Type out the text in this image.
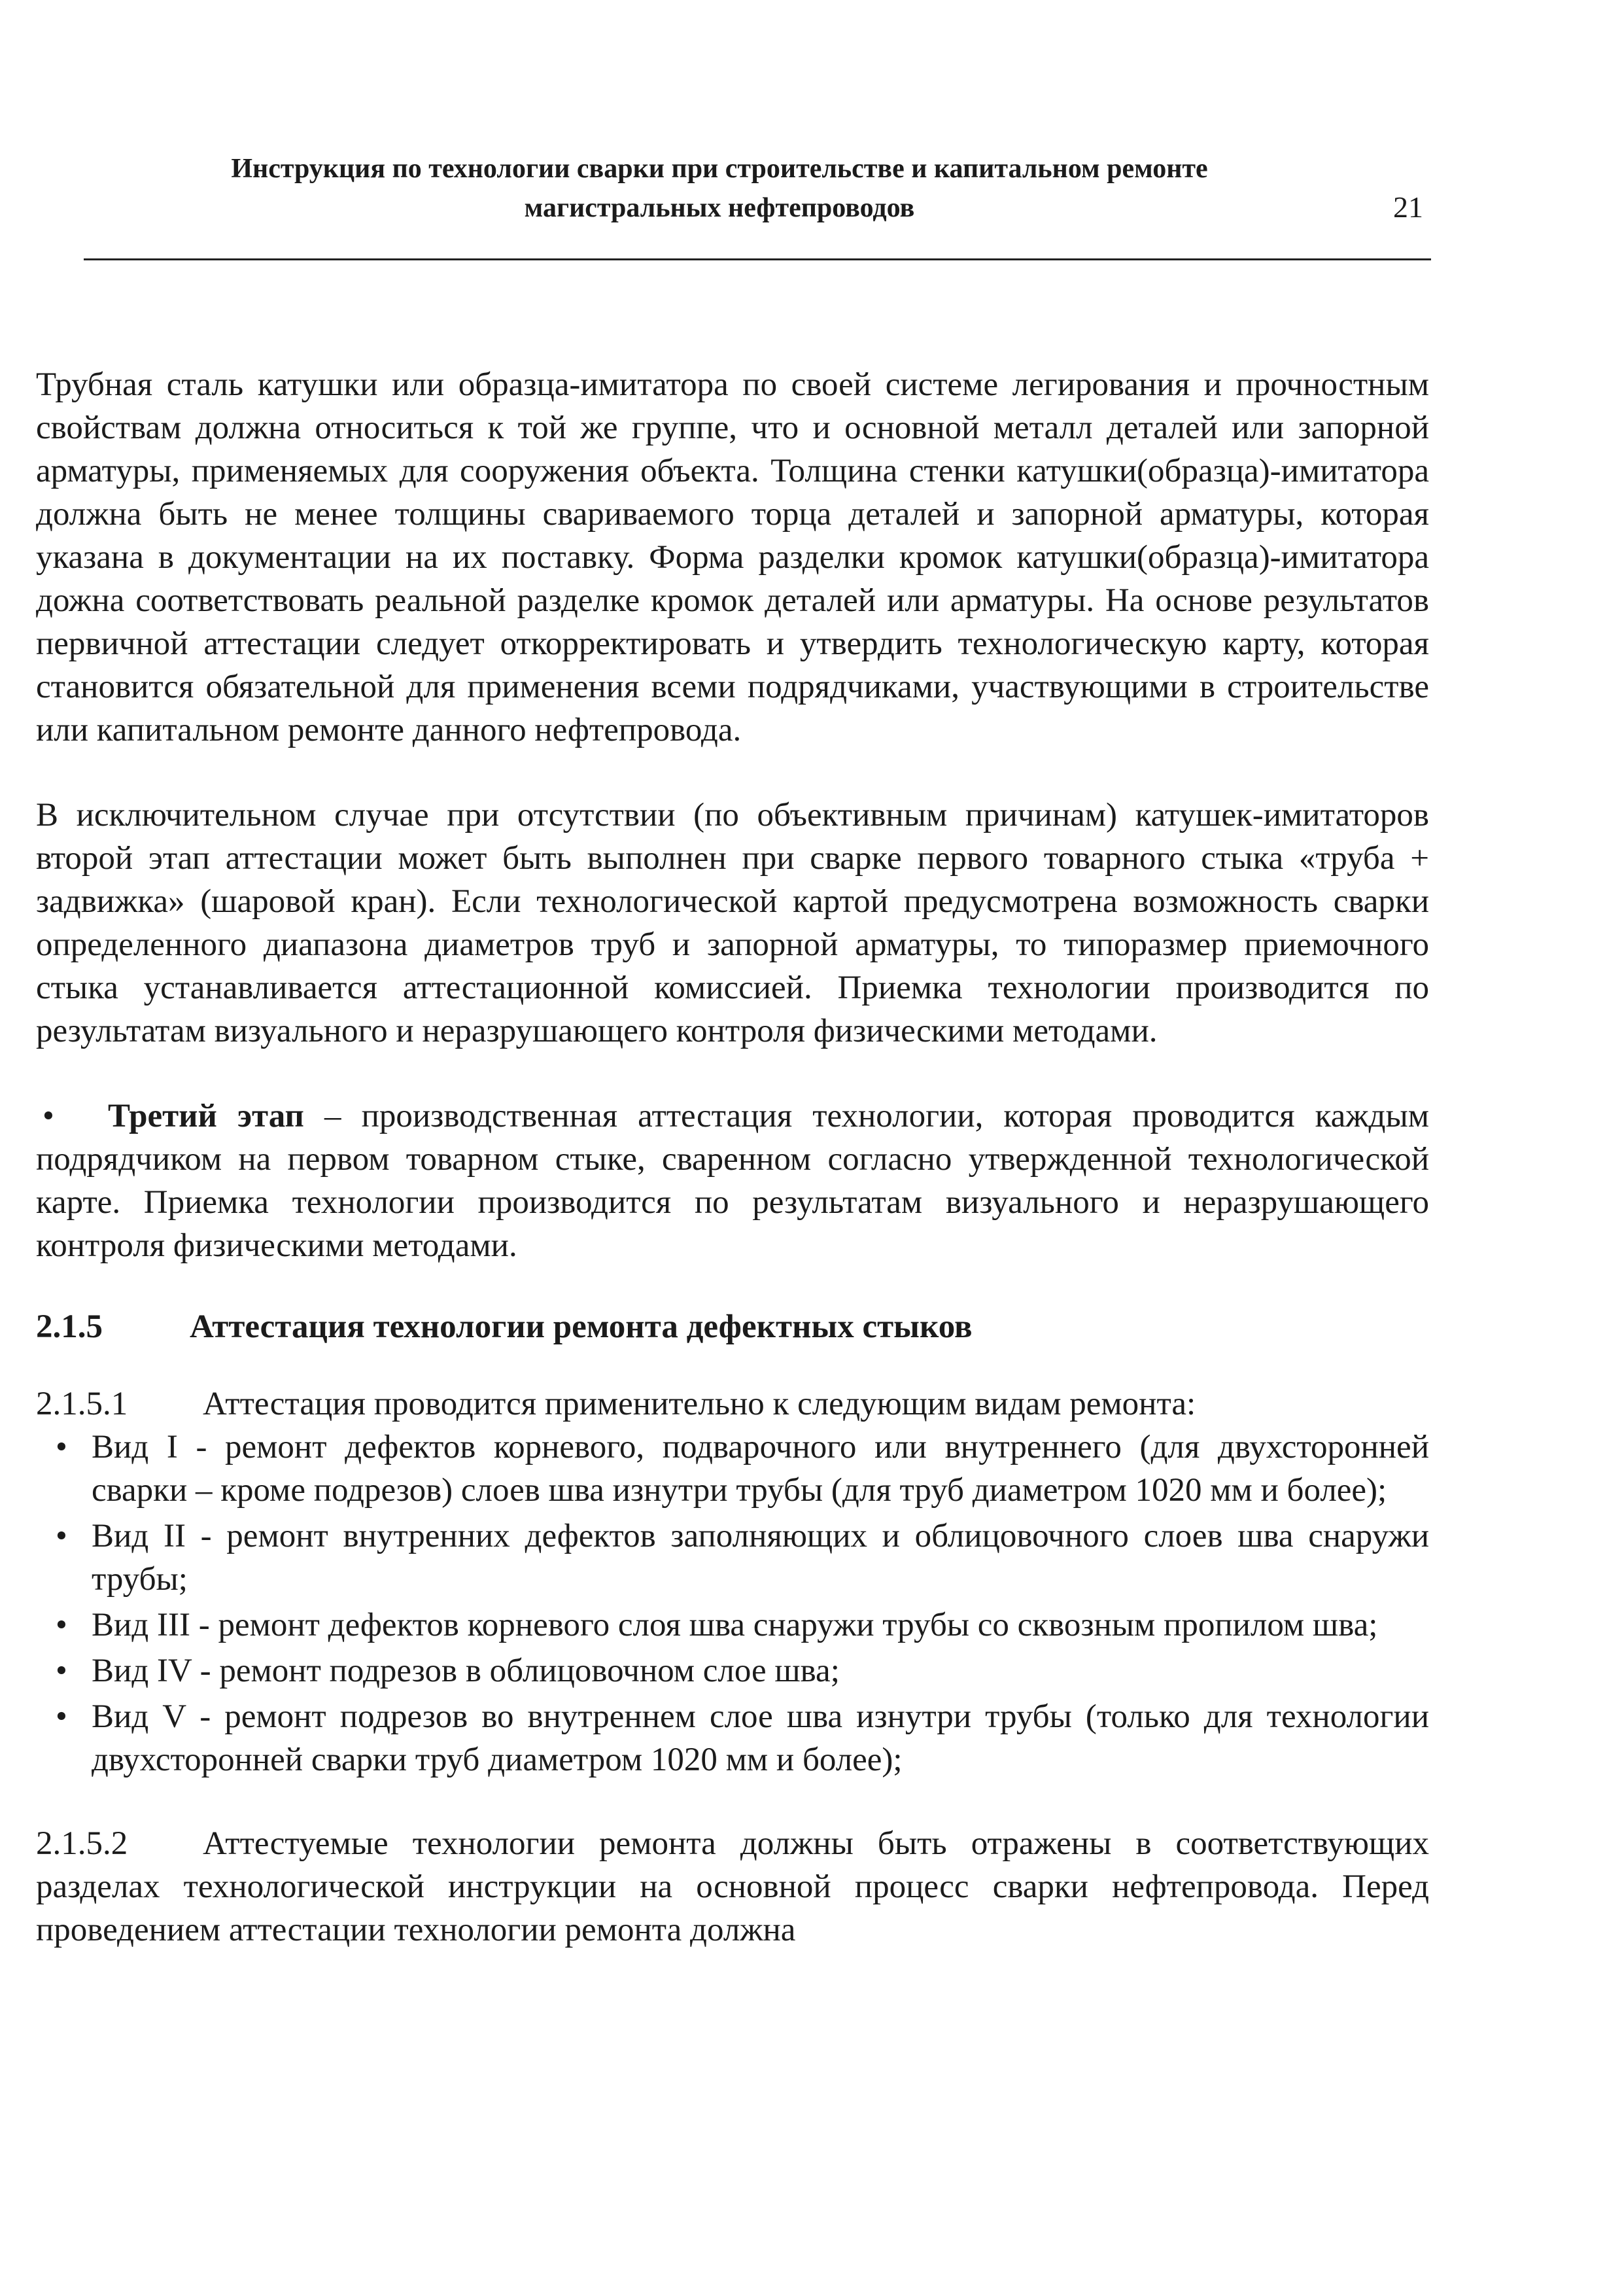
Инструкция по технологии сварки при строительстве и капитальном ремонте
магистральных нефтепроводов	21

Трубная сталь катушки или образца-имитатора по своей системе легирования и прочностным свойствам должна относиться к той же группе, что и основной металл деталей или запорной арматуры, применяемых для сооружения объекта. Толщина стенки катушки(образца)-имитатора должна быть не менее толщины свариваемого торца деталей и запорной арматуры, которая указана в документации на их поставку. Форма разделки кромок катушки(образца)-имитатора дожна соответствовать реальной разделке кромок деталей или арматуры. На основе результатов первичной аттестации следует откорректировать и утвердить технологическую карту, которая становится обязательной для применения всеми подрядчиками, участвующими в строительстве или капитальном ремонте данного нефтепровода.

В исключительном случае при отсутствии (по объективным причинам) катушек-имитаторов второй этап аттестации может быть выполнен при сварке первого товарного стыка «труба + задвижка» (шаровой кран). Если технологической картой предусмотрена возможность сварки определенного диапазона диаметров труб и запорной арматуры, то типоразмер приемочного стыка устанавливается аттестационной комиссией. Приемка технологии производится по результатам визуального и неразрушающего контроля физическими методами.

• Третий этап – производственная аттестация технологии, которая проводится каждым подрядчиком на первом товарном стыке, сваренном согласно утвержденной технологической карте. Приемка технологии производится по результатам визуального и неразрушающего контроля физическими методами.
2.1.5	Аттестация технологии ремонта дефектных стыков

2.1.5.1 Аттестация проводится применительно к следующим видам ремонта:

• Вид I - ремонт дефектов корневого, подварочного или внутреннего (для двухсторонней сварки – кроме подрезов) слоев шва изнутри трубы (для труб диаметром 1020 мм и более);
• Вид II - ремонт внутренних дефектов заполняющих и облицовочного слоев шва снаружи трубы;
• Вид III - ремонт дефектов корневого слоя шва снаружи трубы со сквозным пропилом шва;
• Вид IV - ремонт подрезов в облицовочном слое шва;
• Вид V - ремонт подрезов во внутреннем слое шва изнутри трубы (только для технологии двухсторонней сварки труб диаметром 1020 мм и более);

2.1.5.2 Аттестуемые технологии ремонта должны быть отражены в соответствующих разделах технологической инструкции на основной процесс сварки нефтепровода. Перед проведением аттестации технологии ремонта должна
